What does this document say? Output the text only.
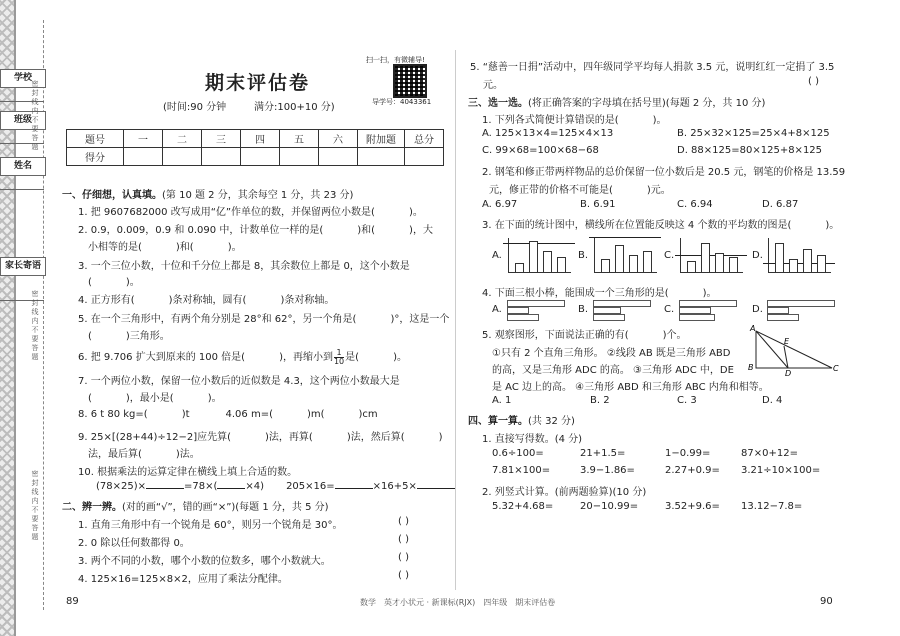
学校
班级
姓名
家长寄语
密封线内不要答题
密封线内不要答题
密封线内不要答题
期末评估卷
(时间:90 分钟	满分:100+10 分)
扫一扫，有微辅导!
导学号：4043361
题号	一	二	三	四	五	六	附加题	总分
得分								
一、仔细想，认真填。(第 10 题 2 分，其余每空 1 分，共 23 分)
1. 把 9607682000 改写成用“亿”作单位的数，并保留两位小数是(	)。
2. 0.9，0.009，0.9 和 0.090 中，计数单位一样的是(	)和(	)，大
小相等的是(	)和(	)。
3. 一个三位小数，十位和千分位上都是 8，其余数位上都是 0，这个小数是
(	)。
4. 正方形有(	)条对称轴，圆有(	)条对称轴。
5. 在一个三角形中，有两个角分别是 28°和 62°，另一个角是(	)°，这是一个
(	)三角形。
6. 把 9.706 扩大到原来的 100 倍是(	)，再缩小到 $\frac{1}{10}$ 是(	)。
7. 一个两位小数，保留一位小数后的近似数是 4.3，这个两位小数最大是
(	)，最小是(	)。
8. 6 t 80 kg=(	)t	4.06 m=(	)m(	)cm
9. 25×[(28+44)÷12−2]应先算(	)法，再算(	)法，然后算(	)
法，最后算(	)法。
10. 根据乘法的运算定律在横线上填上合适的数。
(78×25)×	=78×(	×4) 205×16=	×16+5×
二、辨一辨。(对的画“√”，错的画“×”)(每题 1 分，共 5 分)
1. 直角三角形中有一个锐角是 60°，则另一个锐角是 30°。	( )
2. 0 除以任何数都得 0。	( )
3. 两个不同的小数，哪个小数的位数多，哪个小数就大。	( )
4. 125×16=125×8×2，应用了乘法分配律。	( )
5. “慈善一日捐”活动中，四年级同学平均每人捐款 3.5 元，说明红红一定捐了 3.5
元。	( )
三、选一选。(将正确答案的字母填在括号里)(每题 2 分，共 10 分)
1. 下列各式简便计算错误的是(	)。
A. 125×13×4=125×4×13	B. 25×32×125=25×4+8×125
C. 99×68=100×68−68	D. 88×125=80×125+8×125
2. 钢笔和修正带两样物品的总价保留一位小数后是 20.5 元，钢笔的价格是 13.59
元，修正带的价格不可能是(	)元。
A. 6.97	B. 6.91	C. 6.94	D. 6.87
3. 在下面的统计图中，横线所在位置能反映这 4 个数的平均数的图是(	)。
A.	B.	C.	D.
4. 下面三根小棒，能围成一个三角形的是(	)。
A.	B.	C.	D.
5. 观察图形，下面说法正确的有(	)个。
①只有 2 个直角三角形。 ②线段 AB 既是三角形 ABD
的高，又是三角形 ADC 的高。 ③三角形 ADC 中，DE
是 AC 边上的高。 ④三角形 ABD 和三角形 ABC 内角和相等。
A. 1	B. 2	C. 3	D. 4
A
E
B
D
C
四、算一算。(共 32 分)
1. 直接写得数。(4 分)
0.6÷100=	21+1.5=	1−0.99=	87×0+12=
7.81×100=	3.9−1.86=	2.27+0.9= 3.21÷10×100=
2. 列竖式计算。(前两题验算)(10 分)
5.32+4.68=	20−10.99=	3.52+9.6= 13.12−7.8=
89	数学　英才小状元 · 新课标(RJX)　四年级　期末评估卷	90
